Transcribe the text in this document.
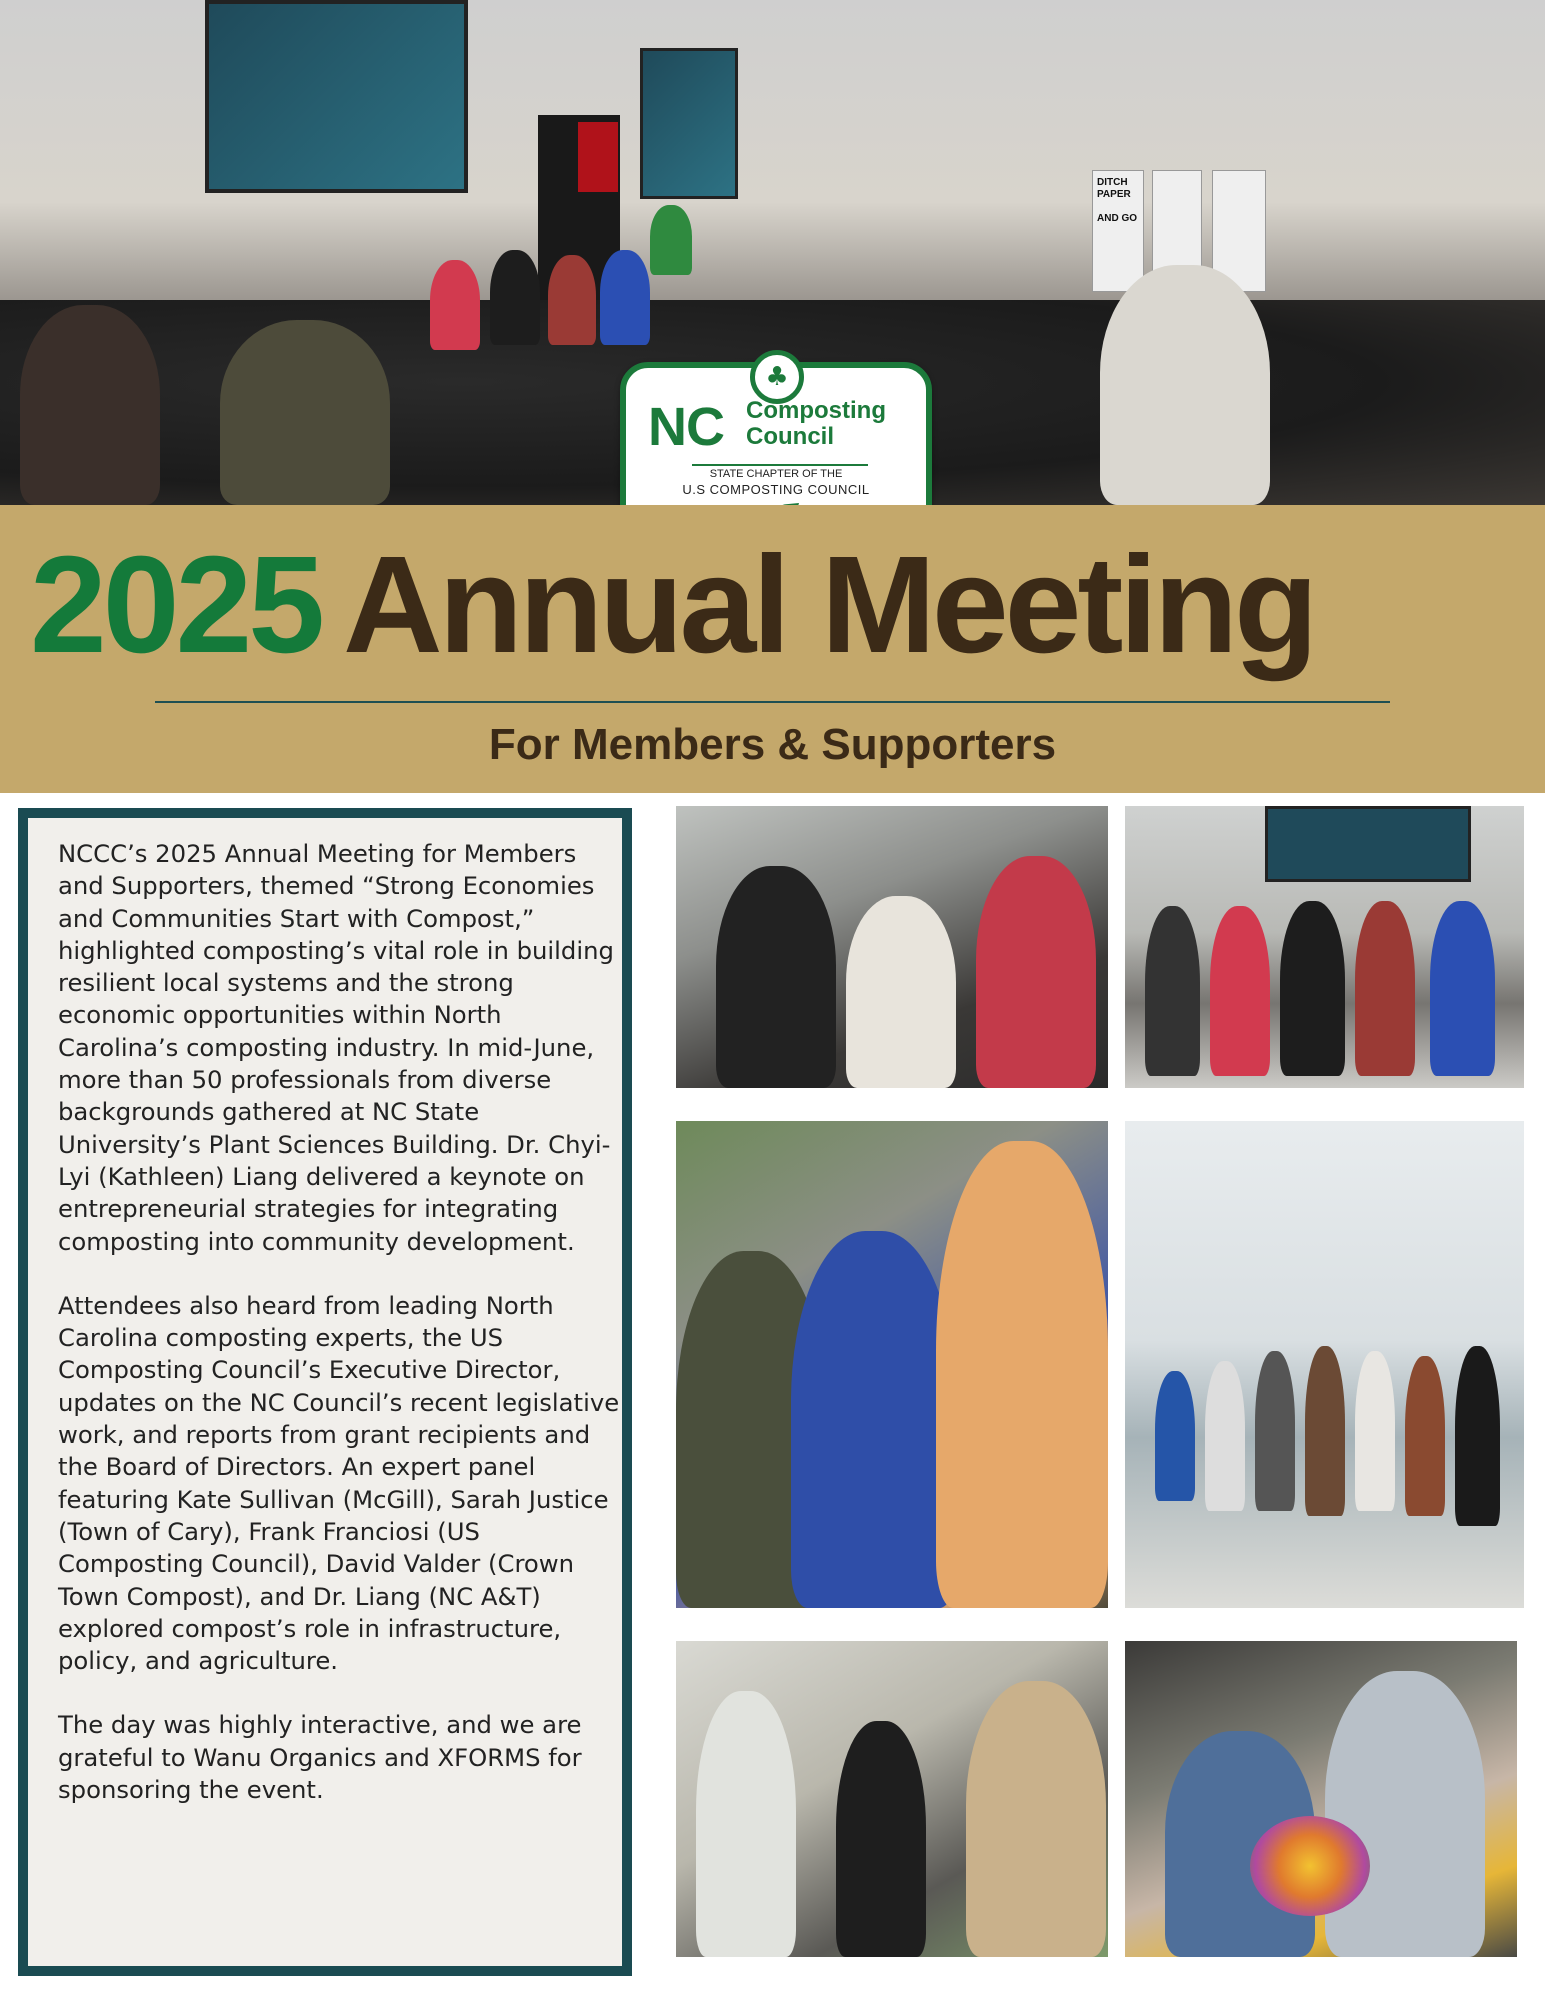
DITCH PAPER

AND GO
♣
NC Composting
Council
STATE CHAPTER OF THE
U.S COMPOSTING COUNCIL
2025 Annual Meeting
For Members & Supporters

NCCC’s 2025 Annual Meeting for Members and Supporters, themed “Strong Economies and Communities Start with Compost,” highlighted composting’s vital role in building resilient local systems and the strong economic opportunities within North Carolina’s composting industry. In mid-June, more than 50 professionals from diverse backgrounds gathered at NC State University’s Plant Sciences Building. Dr. Chyi-Lyi (Kathleen) Liang delivered a keynote on entrepreneurial strategies for integrating composting into community development.

Attendees also heard from leading North Carolina composting experts, the US Composting Council’s Executive Director, updates on the NC Council’s recent legislative work, and reports from grant recipients and the Board of Directors. An expert panel featuring Kate Sullivan (McGill), Sarah Justice (Town of Cary), Frank Franciosi (US Composting Council), David Valder (Crown Town Compost), and Dr. Liang (NC A&T) explored compost’s role in infrastructure, policy, and agriculture.

The day was highly interactive, and we are grateful to Wanu Organics and XFORMS for sponsoring the event.

7
